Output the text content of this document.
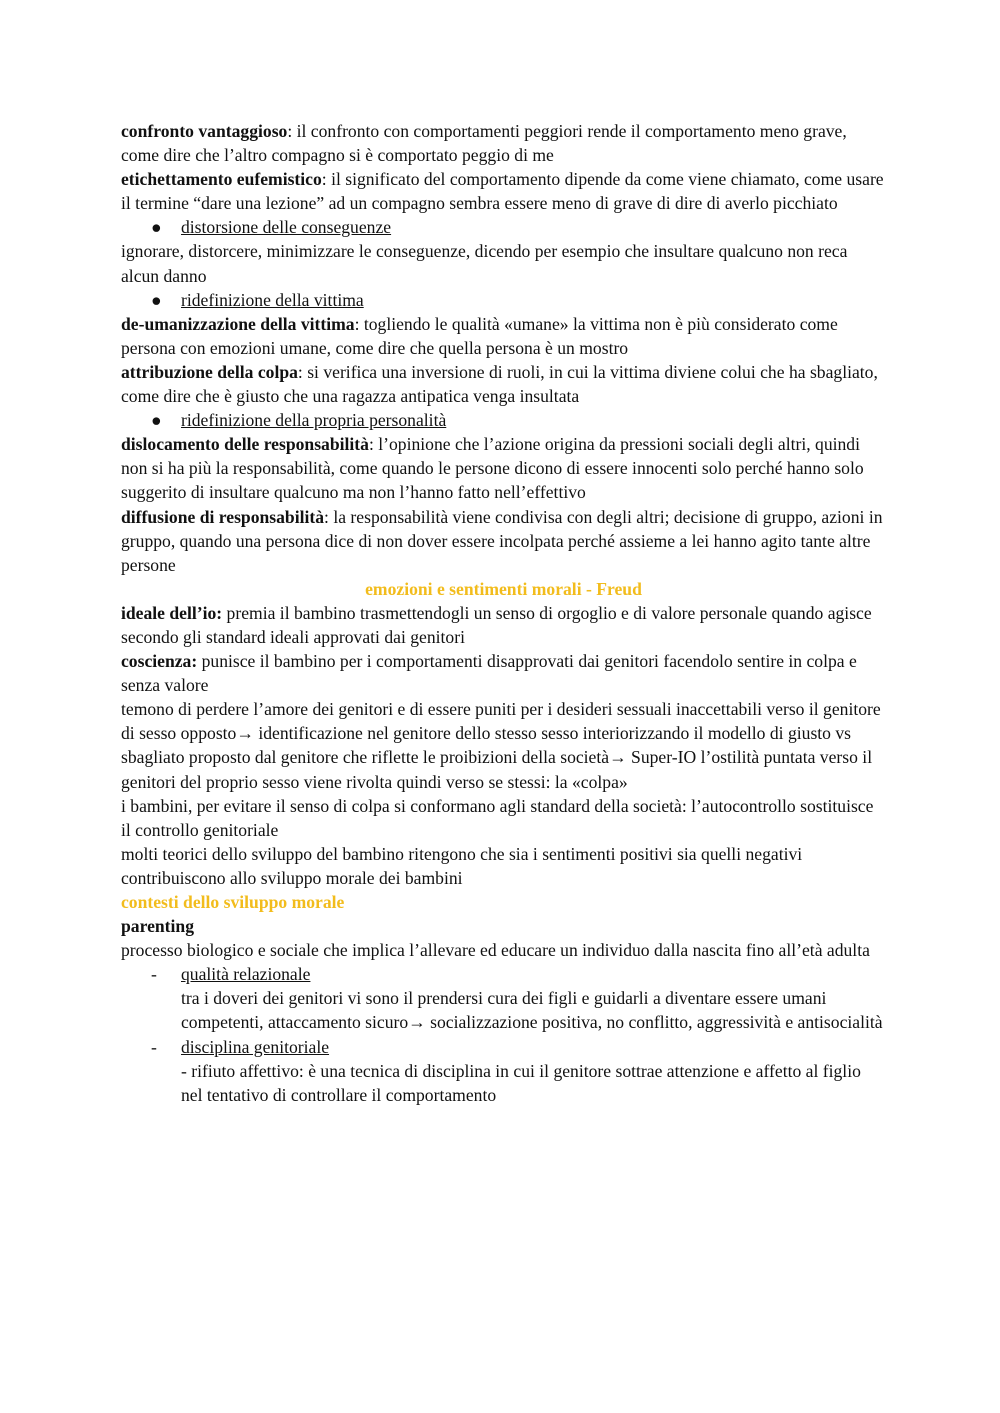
confronto vantaggioso: il confronto con comportamenti peggiori rende il comportamento meno grave, come dire che l’altro compagno si è comportato peggio di me

etichettamento eufemistico: il significato del comportamento dipende da come viene chiamato, come usare il termine “dare una lezione” ad un compagno sembra essere meno di grave di dire di averlo picchiato

●	distorsione delle conseguenze

ignorare, distorcere, minimizzare le conseguenze, dicendo per esempio che insultare qualcuno non reca alcun danno

●	ridefinizione della vittima

de-umanizzazione della vittima: togliendo le qualità «umane» la vittima non è più considerato come persona con emozioni umane, come dire che quella persona è un mostro

attribuzione della colpa: si verifica una inversione di ruoli, in cui la vittima diviene colui che ha sbagliato, come dire che è giusto che una ragazza antipatica venga insultata

●	ridefinizione della propria personalità

dislocamento delle responsabilità: l’opinione che l’azione origina da pressioni sociali degli altri, quindi non si ha più la responsabilità, come quando le persone dicono di essere innocenti solo perché hanno solo suggerito di insultare qualcuno ma non l’hanno fatto nell’effettivo

diffusione di responsabilità: la responsabilità viene condivisa con degli altri; decisione di gruppo, azioni in gruppo, quando una persona dice di non dover essere incolpata perché assieme a lei hanno agito tante altre persone

emozioni e sentimenti morali - Freud

ideale dell’io: premia il bambino trasmettendogli un senso di orgoglio e di valore personale quando agisce secondo gli standard ideali approvati dai genitori

coscienza: punisce il bambino per i comportamenti disapprovati dai genitori facendolo sentire in colpa e senza valore

temono di perdere l’amore dei genitori e di essere puniti per i desideri sessuali inaccettabili verso il genitore di sesso opposto→ identificazione nel genitore dello stesso sesso interiorizzando il modello di giusto vs sbagliato proposto dal genitore che riflette le proibizioni della società→ Super-IO l’ostilità puntata verso il genitori del proprio sesso viene rivolta quindi verso se stessi: la «colpa»

i bambini, per evitare il senso di colpa si conformano agli standard della società: l’autocontrollo sostituisce il controllo genitoriale

molti teorici dello sviluppo del bambino ritengono che sia i sentimenti positivi sia quelli negativi contribuiscono allo sviluppo morale dei bambini

contesti dello sviluppo morale

parenting

processo biologico e sociale che implica l’allevare ed educare un individuo dalla nascita fino all’età adulta

-	qualità relazionale
tra i doveri dei genitori vi sono il prendersi cura dei figli e guidarli a diventare essere umani competenti, attaccamento sicuro→ socializzazione positiva, no conflitto, aggressività e antisocialità
-	disciplina genitoriale
- rifiuto affettivo: è una tecnica di disciplina in cui il genitore sottrae attenzione e affetto al figlio nel tentativo di controllare il comportamento
